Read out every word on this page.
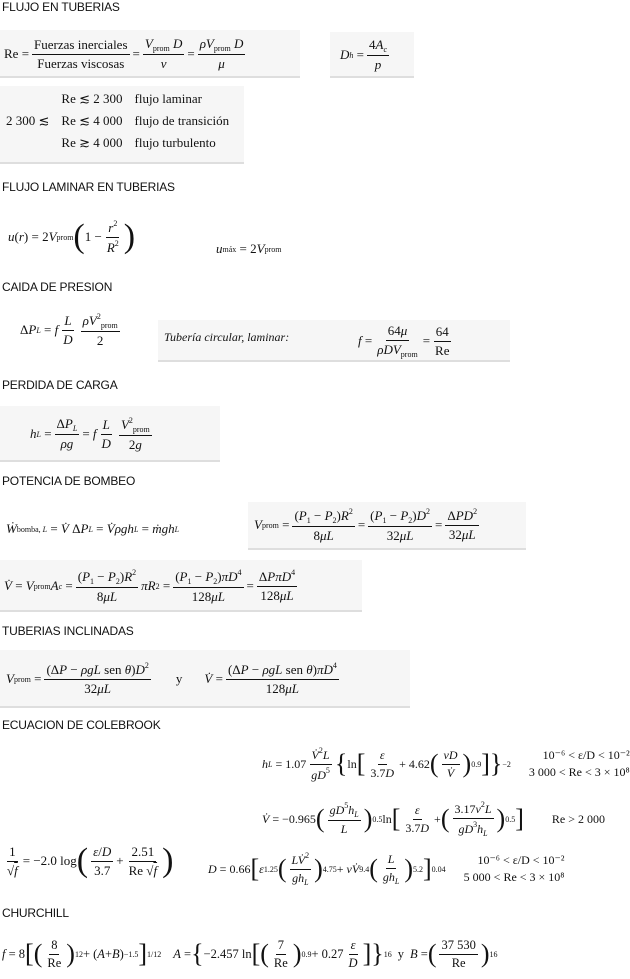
FLUJO EN TUBERIAS
$Re = \frac{\text{Fuerzas inerciales}}{\text{Fuerzas viscosas}} = \frac{V_{prom} D}{\nu} = \frac{\rho V_{prom} D}{\mu}$	D $h = \frac{4A_c}{p}$
	Re ≲ 2 300	flujo laminar
2 300 ≲	Re ≲ 4 000	flujo de transición
	Re ≳ 4 000	flujo turbulento
FLUJO LAMINAR EN TUBERIAS
u ( r ) = 2 V prom ( $1 - \frac{r^2}{R^2}$ )	u máx = 2 V prom
CAIDA DE PRESION
Δ P L = f $\frac{L}{D} \frac{\rho V^2_{prom}}{2}$	Tubería circular, laminar:	$f = \frac{64\mu}{\rho DV_{prom}} = \frac{64}{Re}$
PERDIDA DE CARGA
h $L = \frac{\Delta P_L}{\rho g} = f \frac{L}{D} \frac{V^2_{prom}}{2g}$
POTENCIA DE BOMBEO
Ẇ bomba, L = V̇ Δ P L = V̇ρgh L = ṁgh L	V prom = $\frac{(P_1 - P_2)R^2}{8\mu L} = \frac{(P_1 - P_2)D^2}{32\mu L} = \frac{\Delta PD^2}{32\mu L}$
V̇ = V prom A $c = \frac{(P_1 - P_2)R^2}{8\mu L}$ πR $2 = \frac{(P_1 - P_2)\pi D^4}{128\mu L} = \frac{\Delta P\pi D^4}{128\mu L}$
TUBERIAS INCLINADAS
V prom = $\frac{(\Delta P - \rho gL sen \theta)D^2}{32\mu L}$ y V̇ = $\frac{(\Delta P - \rho gL sen \theta)\pi D^4}{128\mu L}$
ECUACION DE COLEBROOK
h $L = 1.07 \frac{V̇^2L}{gD^5}$ { ln [ $\frac{\varepsilon}{3.7D} + 4.62$ ( $\frac{\nu D}{V̇}$ ) 0.9 ] } −2
10⁻⁶ < ε/D < 10⁻²
3 000 < Re < 3 × 10⁸
V̇ = −0.965 ( $\frac{gD^5h_L}{L}$ ) 0.5 ln [ $\frac{\varepsilon}{3.7D}$ + ( $\frac{3.17\nu^2L}{gD^3h_L}$ ) 0.5 ] Re > 2 000
$\frac{1}{√f} = -2.0$ log ( $\frac{\varepsilon/D}{3.7} + \frac{2.51}{Re √f}$ )	D = 0.66 [ ε 1.25 ( $\frac{LV̇^2}{gh_L}$ ) 4.75 + νV̇ 9.4 ( $\frac{L}{gh_L}$ ) 5.2 ] 0.04
10⁻⁶ < ε/D < 10⁻²
5 000 < Re < 3 × 10⁸
CHURCHILL
f = 8 [ ( $\frac{8}{Re}$ ) 12 + ( A + B ) −1.5 ] 1/12 A = { −2.457 ln [ ( $\frac{7}{Re}$ ) $0.9 + 0.27 \frac{\varepsilon}{D}$ ] } 16 y B = ( $\frac{37 530}{Re}$ ) 16
